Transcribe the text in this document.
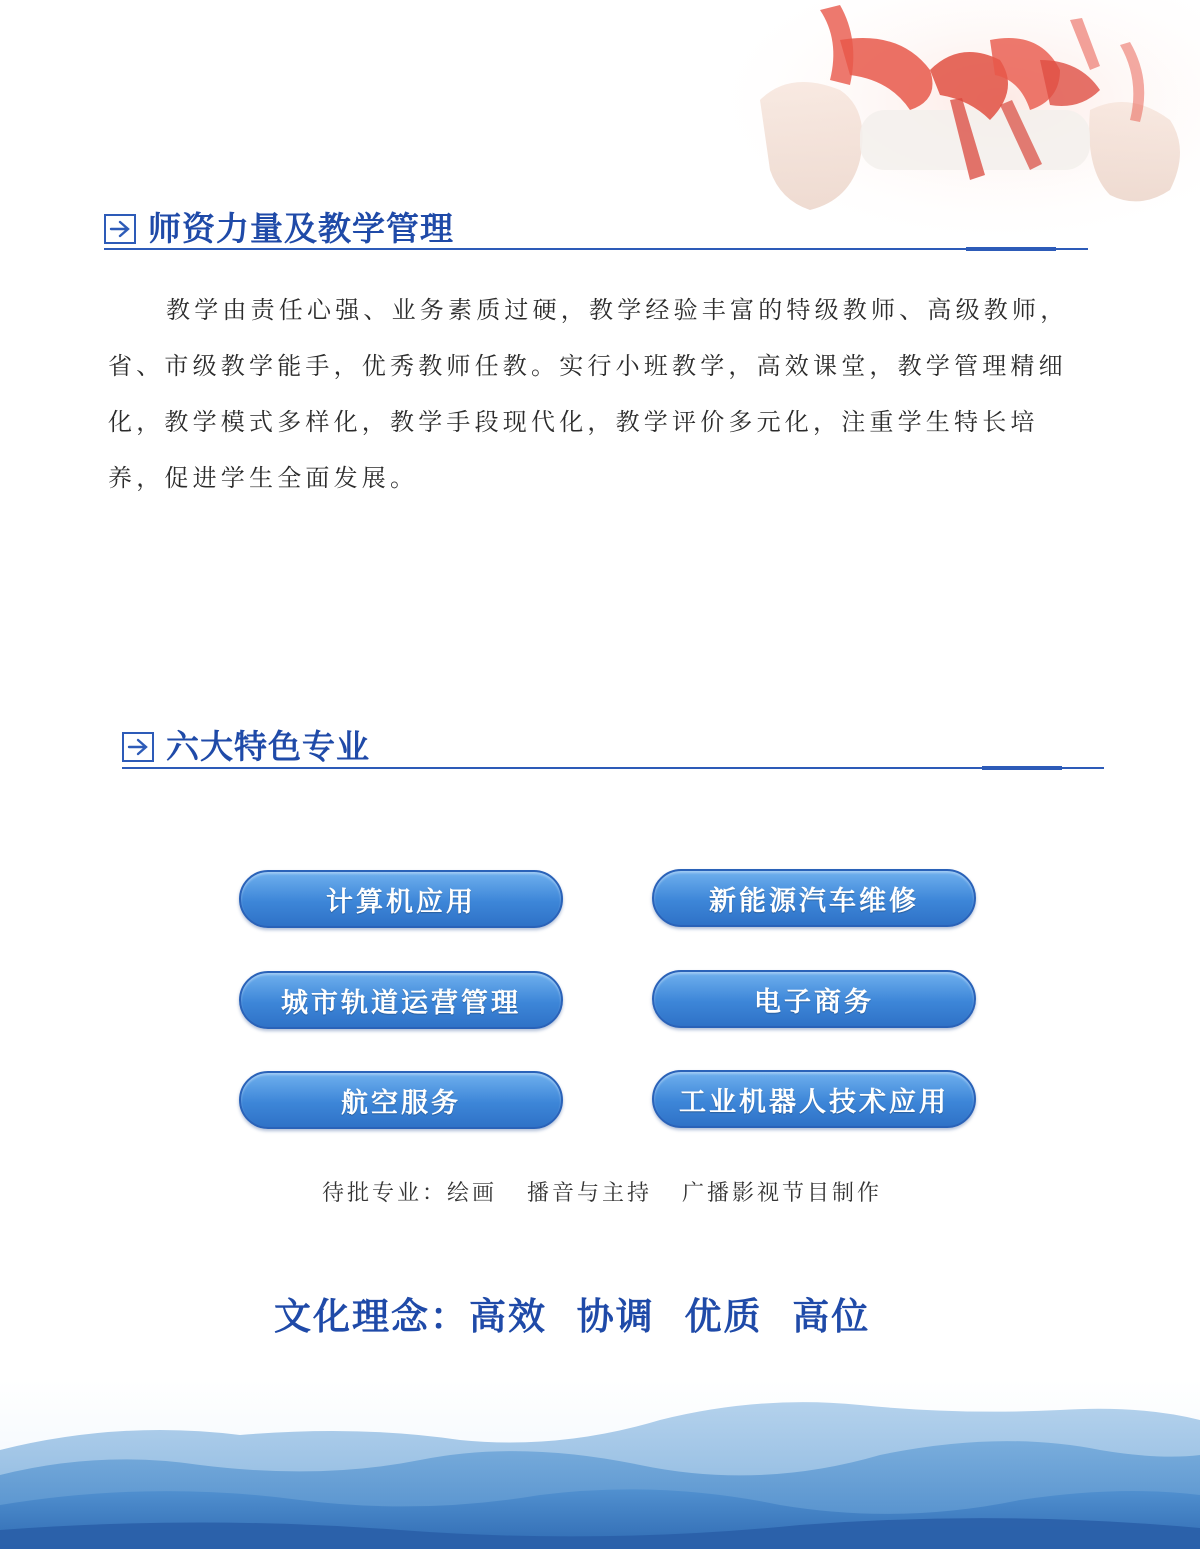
师资力量及教学管理

教学由责任心强、业务素质过硬，教学经验丰富的特级教师、高级教师，省、市级教学能手，优秀教师任教。实行小班教学，高效课堂，教学管理精细化，教学模式多样化，教学手段现代化，教学评价多元化，注重学生特长培养，促进学生全面发展。

六大特色专业
计算机应用	新能源汽车维修
城市轨道运营管理	电子商务
航空服务	工业机器人技术应用
待批专业：绘画   播音与主持   广播影视节目制作
文化理念：高效  协调  优质  高位
